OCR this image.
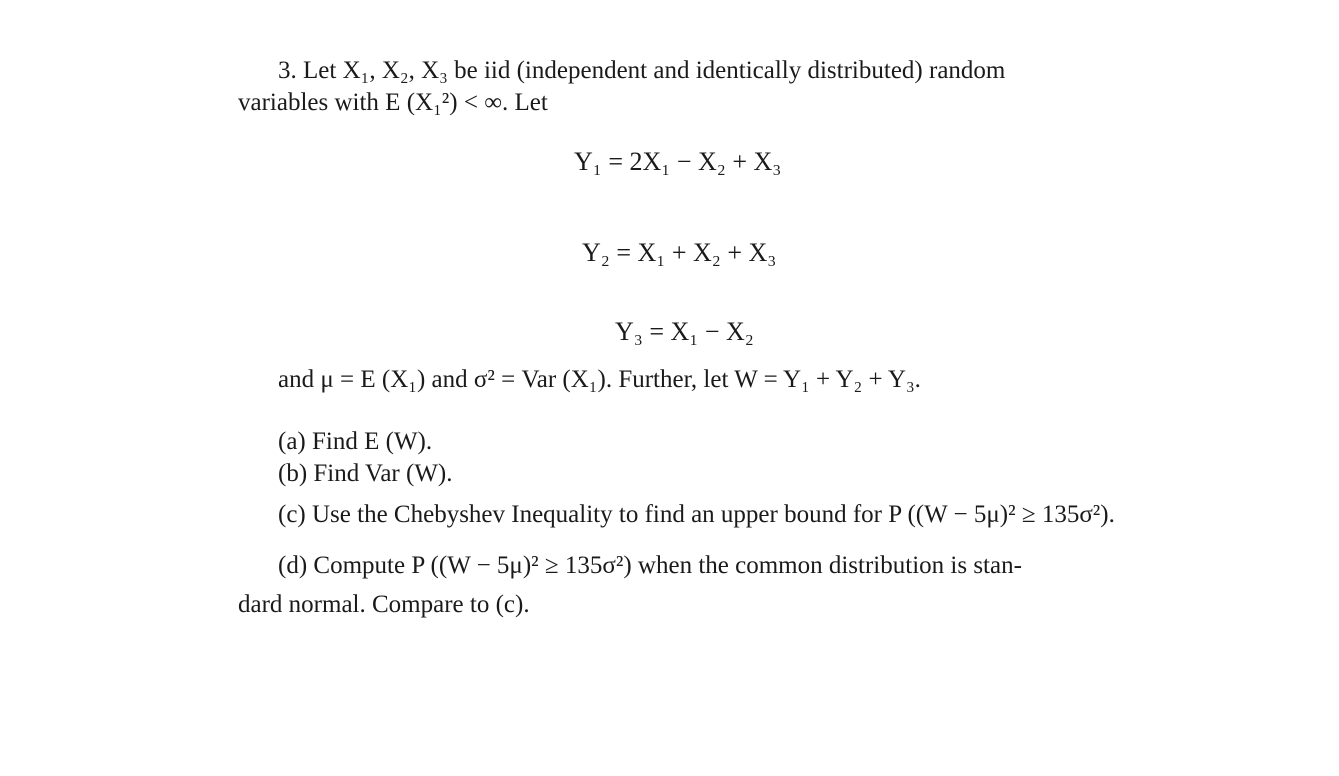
3. Let X₁, X₂, X₃ be iid (independent and identically distributed) random
variables with E (X₁²) < ∞. Let
Y₁ = 2X₁ − X₂ + X₃
Y₂ = X₁ + X₂ + X₃
Y₃ = X₁ − X₂
and μ = E (X₁) and σ² = Var (X₁). Further, let W = Y₁ + Y₂ + Y₃.
(a) Find E (W).
(b) Find Var (W).
(c) Use the Chebyshev Inequality to find an upper bound for P ((W − 5μ)² ≥ 135σ²).
(d) Compute P ((W − 5μ)² ≥ 135σ²) when the common distribution is stan-
dard normal. Compare to (c).
